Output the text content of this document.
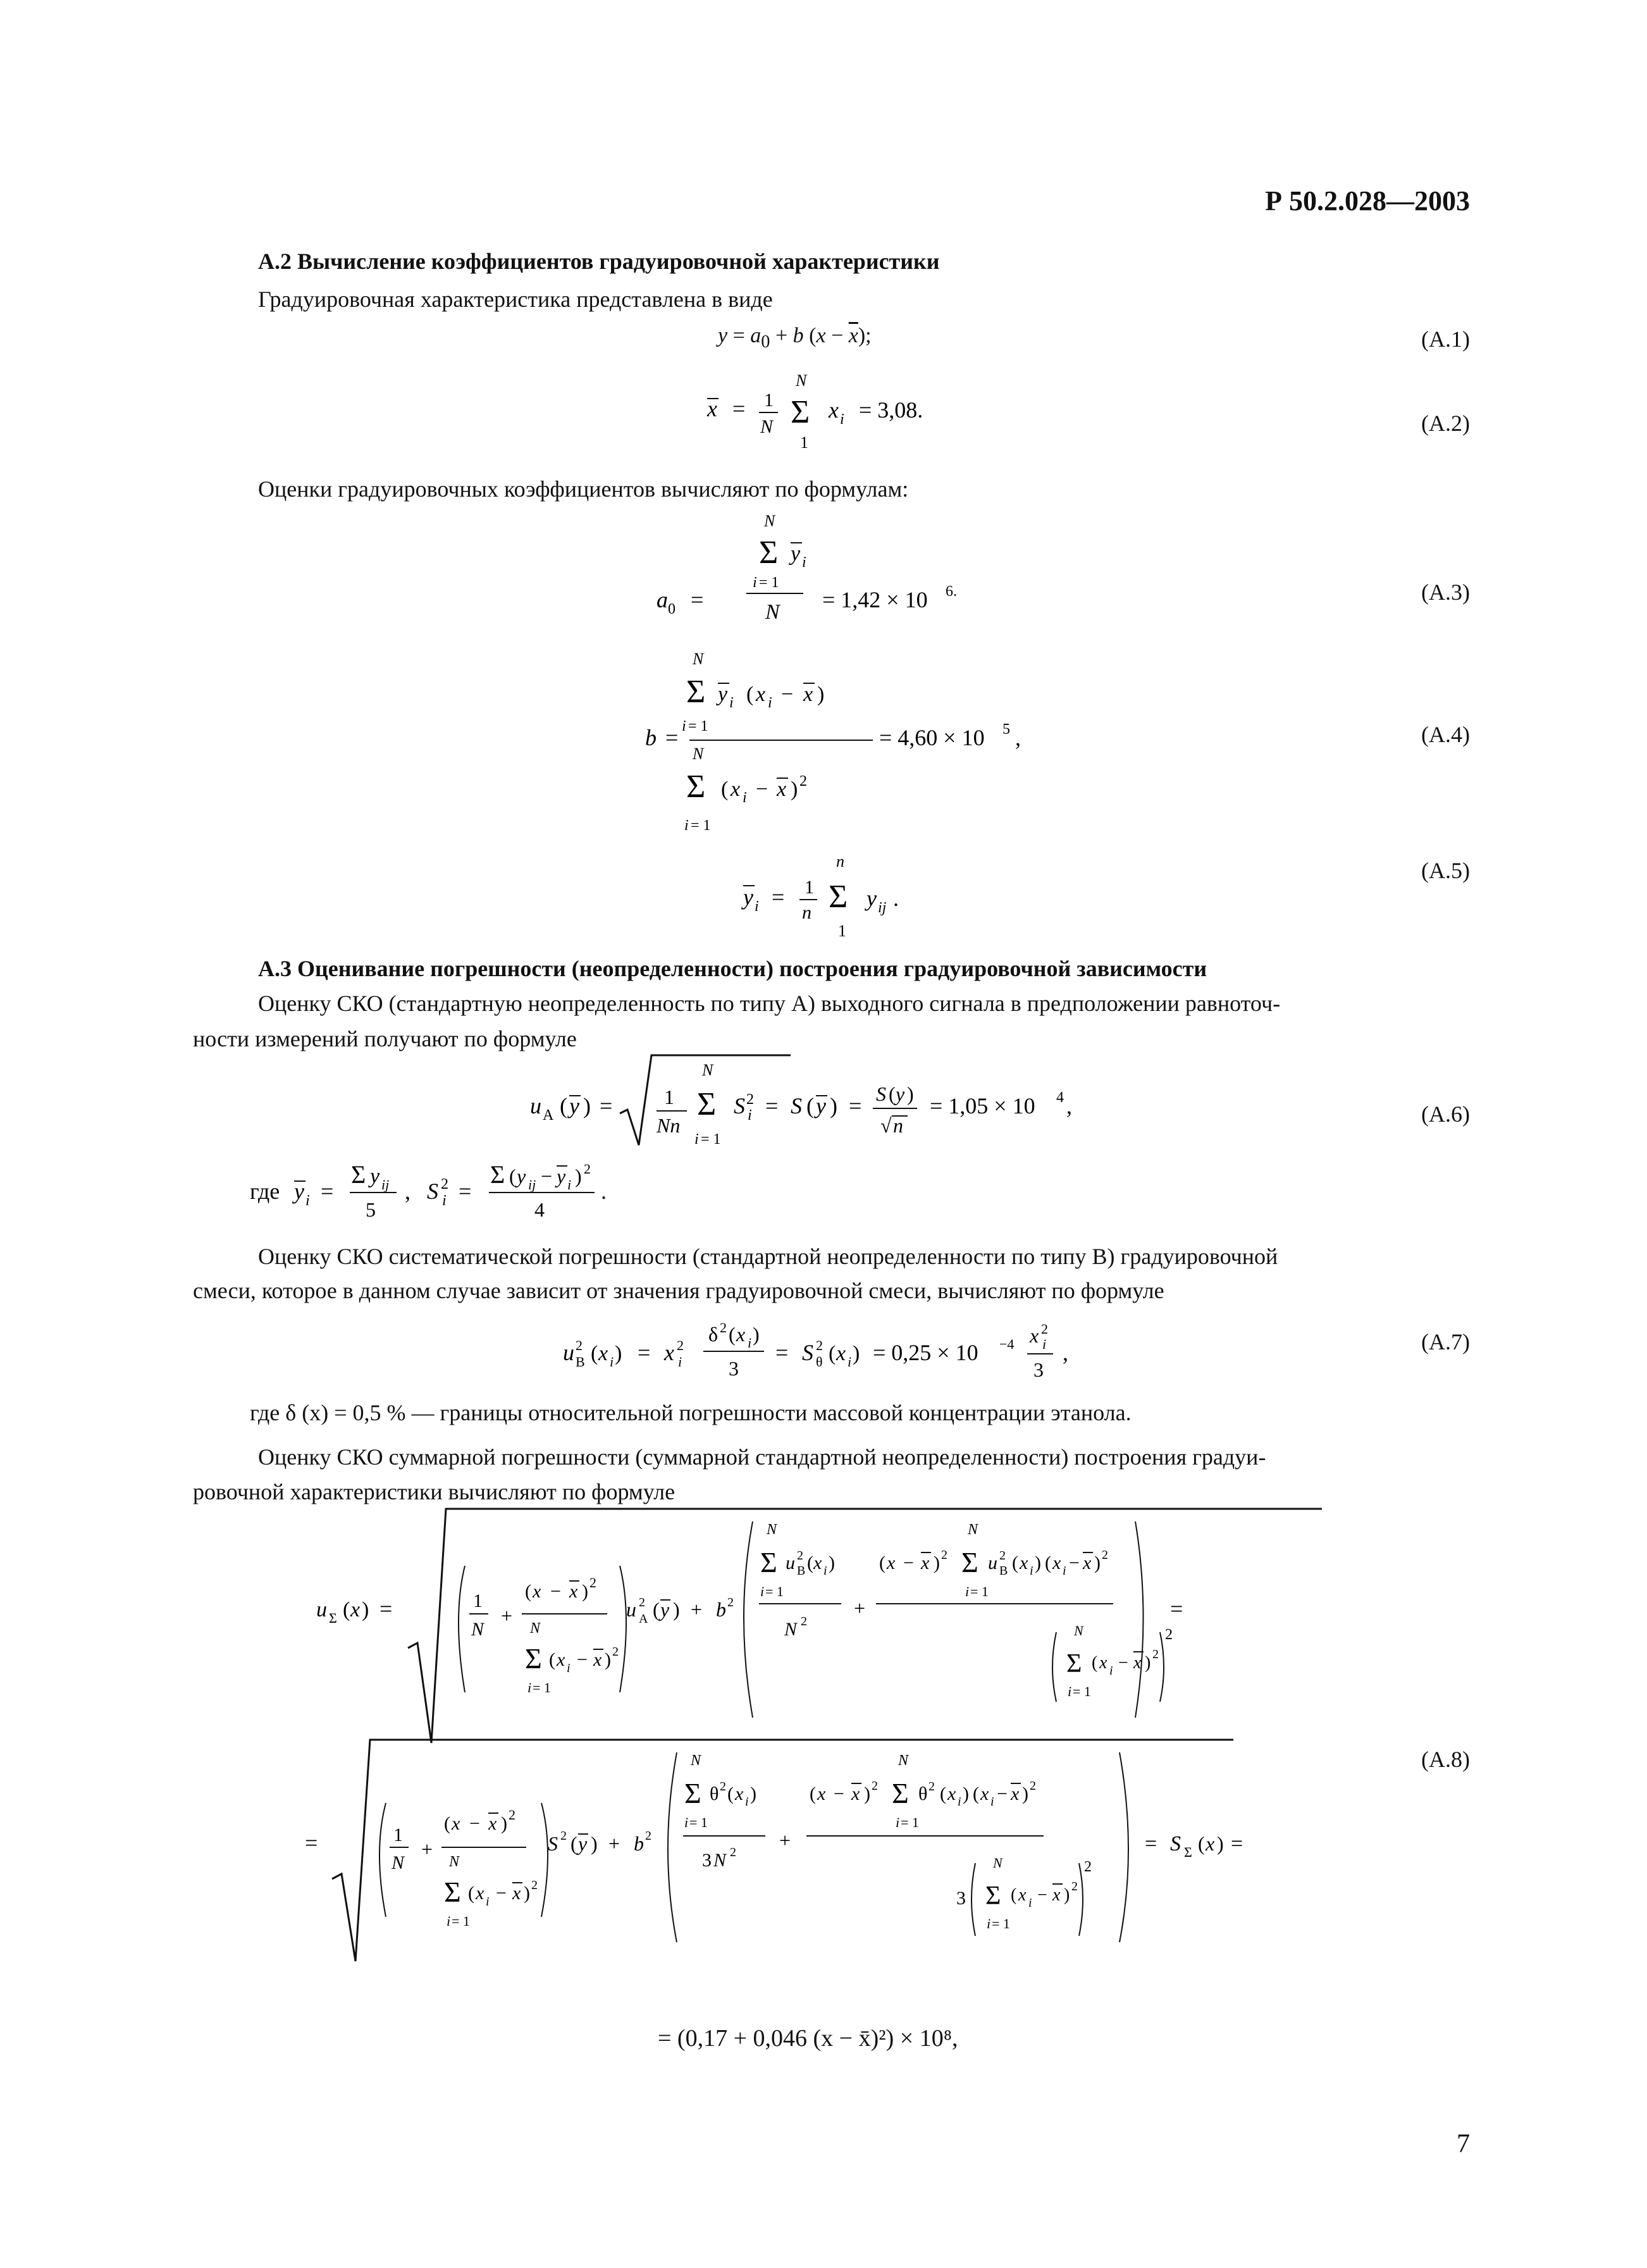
Р 50.2.028—2003
А.2 Вычисление коэффициентов градуировочной характеристики
Градуировочная характеристика представлена в виде
$y = a_0 + b$ $(x - \overline{x})$;	(А.1)
x = 1
N
N
Σ
1
x i = 3,08.
(А.2)
Оценки градуировочных коэффициентов вычисляют по формулам:
N
Σ y i
i = 1
a 0 =	N = 1,42 × 10 6.	(А.3)
N
Σ y i ( x i − x )
i = 1
b =
N
Σ ( x i − x ) 2
i = 1
= 4,60 × 10 5 ,	(А.4)
y i = 1
n
n
Σ
1
y ij .
(А.5)
А.3 Оценивание погрешности (неопределенности) построения градуировочной зависимости
Оценку СКО (стандартную неопределенность по типу А) выходного сигнала в предположении равноточ-
ности измерений получают по формуле
u A ( y ) =	1
Nn
N
Σ
i = 1
S 2
i = S ( y ) = S ( y )
√ n
= 1,05 × 10 4 ,	(А.6)
где y i =
Σ y ij
5
, S 2
i =
Σ ( y ij − y i ) 2
4
.
Оценку СКО систематической погрешности (стандартной неопределенности по типу В) градуировочной
смеси, которое в данном случае зависит от значения градуировочной смеси, вычисляют по формуле
u 2
B ( x i ) = x 2
i
δ 2 ( x i )
3
= S 2
θ ( x i ) = 0,25 × 10 −4 x 2
i
3
,	(А.7)
где δ (x) = 0,5 % — границы относительной погрешности массовой концентрации этанола.
Оценку СКО суммарной погрешности (суммарной стандартной неопределенности) построения градуи-
ровочной характеристики вычисляют по формуле
u Σ ( x ) =	1
N
+
( x − x ) 2
N
Σ ( x i − x ) 2
i = 1
u 2
A ( y ) + b 2
N
Σ u 2
B ( x i )
i = 1
N 2
+
( x − x ) 2
N
Σ u 2
B ( x i ) ( x i − x ) 2
i = 1
N
Σ ( x i − x ) 2
i = 1
2
=
=	1
N
+
( x − x ) 2
N
Σ ( x i − x ) 2
i = 1
S 2 ( y ) + b 2
N
Σ θ 2 ( x i )
i = 1
3 N 2
+
( x − x ) 2
N
Σ θ 2 ( x i ) ( x i − x ) 2
i = 1
3
N
Σ ( x i − x ) 2
i = 1
2
= S Σ ( x ) =
(А.8)
= (0,17 + 0,046 (x − x̄)²) × 10⁸,
7
